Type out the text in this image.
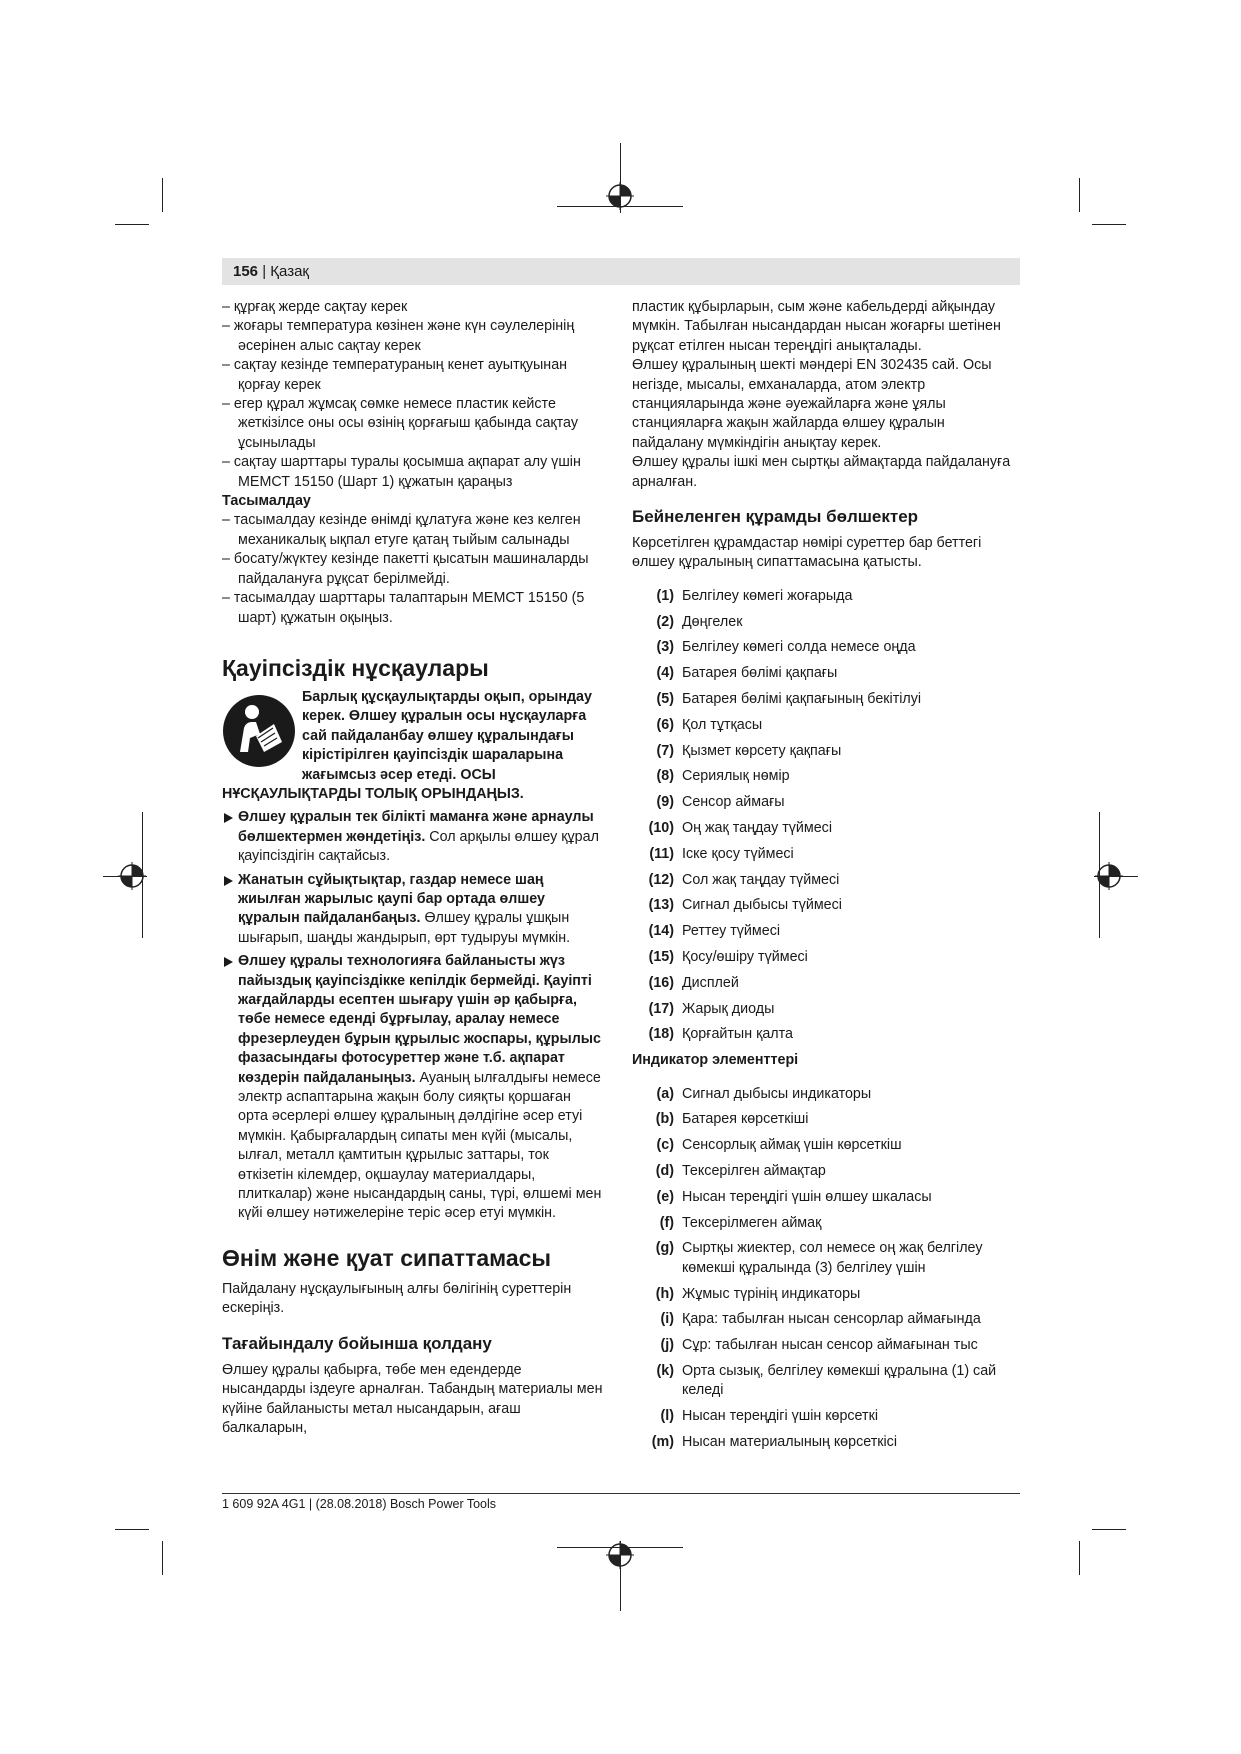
156 | Қазақ

– құрғақ жерде сақтау керек

– жоғары температура көзінен және күн сәулелерінің әсерінен алыс сақтау керек

– сақтау кезінде температураның кенет ауытқуынан қорғау керек

– егер құрал жұмсақ сөмке немесе пластик кейсте жеткізілсе оны осы өзінің қорғағыш қабында сақтау ұсынылады

– сақтау шарттары туралы қосымша ақпарат алу үшін МЕМСТ 15150 (Шарт 1) құжатын қараңыз

Тасымалдау

– тасымалдау кезінде өнімді құлатуға және кез келген механикалық ықпал етуге қатаң тыйым салынады

– босату/жүктеу кезінде пакетті қысатын машиналарды пайдалануға рұқсат берілмейді.

– тасымалдау шарттары талаптарын МЕМСТ 15150 (5 шарт) құжатын оқыңыз.

Қауіпсіздік нұсқаулары

Барлық құсқаулықтарды оқып, орындау керек. Өлшеу құралын осы нұсқауларға сай пайдаланбау өлшеу құралындағы кірістірілген қауіпсіздік шараларына жағымсыз әсер етеді. ОСЫ НҰСҚАУЛЫҚТАРДЫ ТОЛЫҚ ОРЫНДАҢЫЗ.

Өлшеу құралын тек білікті маманға және арнаулы бөлшектермен жөндетіңіз. Сол арқылы өлшеу құрал қауіпсіздігін сақтайсыз.
Жанатын сұйықтықтар, газдар немесе шаң жиылған жарылыс қаупі бар ортада өлшеу құралын пайдаланбаңыз. Өлшеу құралы ұшқын шығарып, шаңды жандырып, өрт тудыруы мүмкін.
Өлшеу құралы технологияға байланысты жүз пайыздық қауіпсіздікке кепілдік бермейді. Қауіпті жағдайларды есептен шығару үшін әр қабырға, төбе немесе еденді бұрғылау, аралау немесе фрезерлеуден бұрын құрылыс жоспары, құрылыс фазасындағы фотосуреттер және т.б. ақпарат көздерін пайдаланыңыз. Ауаның ылғалдығы немесе электр аспаптарына жақын болу сияқты қоршаған орта әсерлері өлшеу құралының дәлдігіне әсер етуі мүмкін. Қабырғалардың сипаты мен күйі (мысалы, ылғал, металл қамтитын құрылыс заттары, ток өткізетін кілемдер, оқшаулау материалдары, плиткалар) және нысандардың саны, түрі, өлшемі мен күйі өлшеу нәтижелеріне теріс әсер етуі мүмкін.

Өнім және қуат сипаттамасы

Пайдалану нұсқаулығының алғы бөлігінің суреттерін ескеріңіз.

Тағайындалу бойынша қолдану

Өлшеу құралы қабырға, төбе мен едендерде нысандарды іздеуге арналған. Табандың материалы мен күйіне байланысты метал нысандарын, ағаш балкаларын,

пластик құбырларын, сым және кабельдерді айқындау мүмкін. Табылған нысандардан нысан жоғарғы шетінен рұқсат етілген нысан тереңдігі анықталады.

Өлшеу құралының шекті мәндері EN 302435 сай. Осы негізде, мысалы, емханаларда, атом электр станцияларында және әуежайларға және ұялы станцияларға жақын жайларда өлшеу құралын пайдалану мүмкіндігін анықтау керек.

Өлшеу құралы ішкі мен сыртқы аймақтарда пайдалануға арналған.

Бейнеленген құрамды бөлшектер

Көрсетілген құрамдастар нөмірі суреттер бар беттегі өлшеу құралының сипаттамасына қатысты.

(1) Белгілеу көмегі жоғарыда
(2) Дөңгелек
(3) Белгілеу көмегі солда немесе оңда
(4) Батарея бөлімі қақпағы
(5) Батарея бөлімі қақпағының бекітілуі
(6) Қол тұтқасы
(7) Қызмет көрсету қақпағы
(8) Сериялық нөмір
(9) Сенсор аймағы
(10) Оң жақ таңдау түймесі
(11) Іске қосу түймесі
(12) Сол жақ таңдау түймесі
(13) Сигнал дыбысы түймесі
(14) Реттеу түймесі
(15) Қосу/өшіру түймесі
(16) Дисплей
(17) Жарық диоды
(18) Қорғайтын қалта

Индикатор элементтері

(a) Сигнал дыбысы индикаторы
(b) Батарея көрсеткіші
(c) Сенсорлық аймақ үшін көрсеткіш
(d) Тексерілген аймақтар
(e) Нысан тереңдігі үшін өлшеу шкаласы
(f) Тексерілмеген аймақ
(g) Сыртқы жиектер, сол немесе оң жақ белгілеу көмекші құралында (3) белгілеу үшін
(h) Жұмыс түрінің индикаторы
(i) Қара: табылған нысан сенсорлар аймағында
(j) Сұр: табылған нысан сенсор аймағынан тыс
(k) Орта сызық, белгілеу көмекші құралына (1) сай келеді
(l) Нысан тереңдігі үшін көрсеткі
(m) Нысан материалының көрсеткісі
1 609 92A 4G1 | (28.08.2018) Bosch Power Tools
